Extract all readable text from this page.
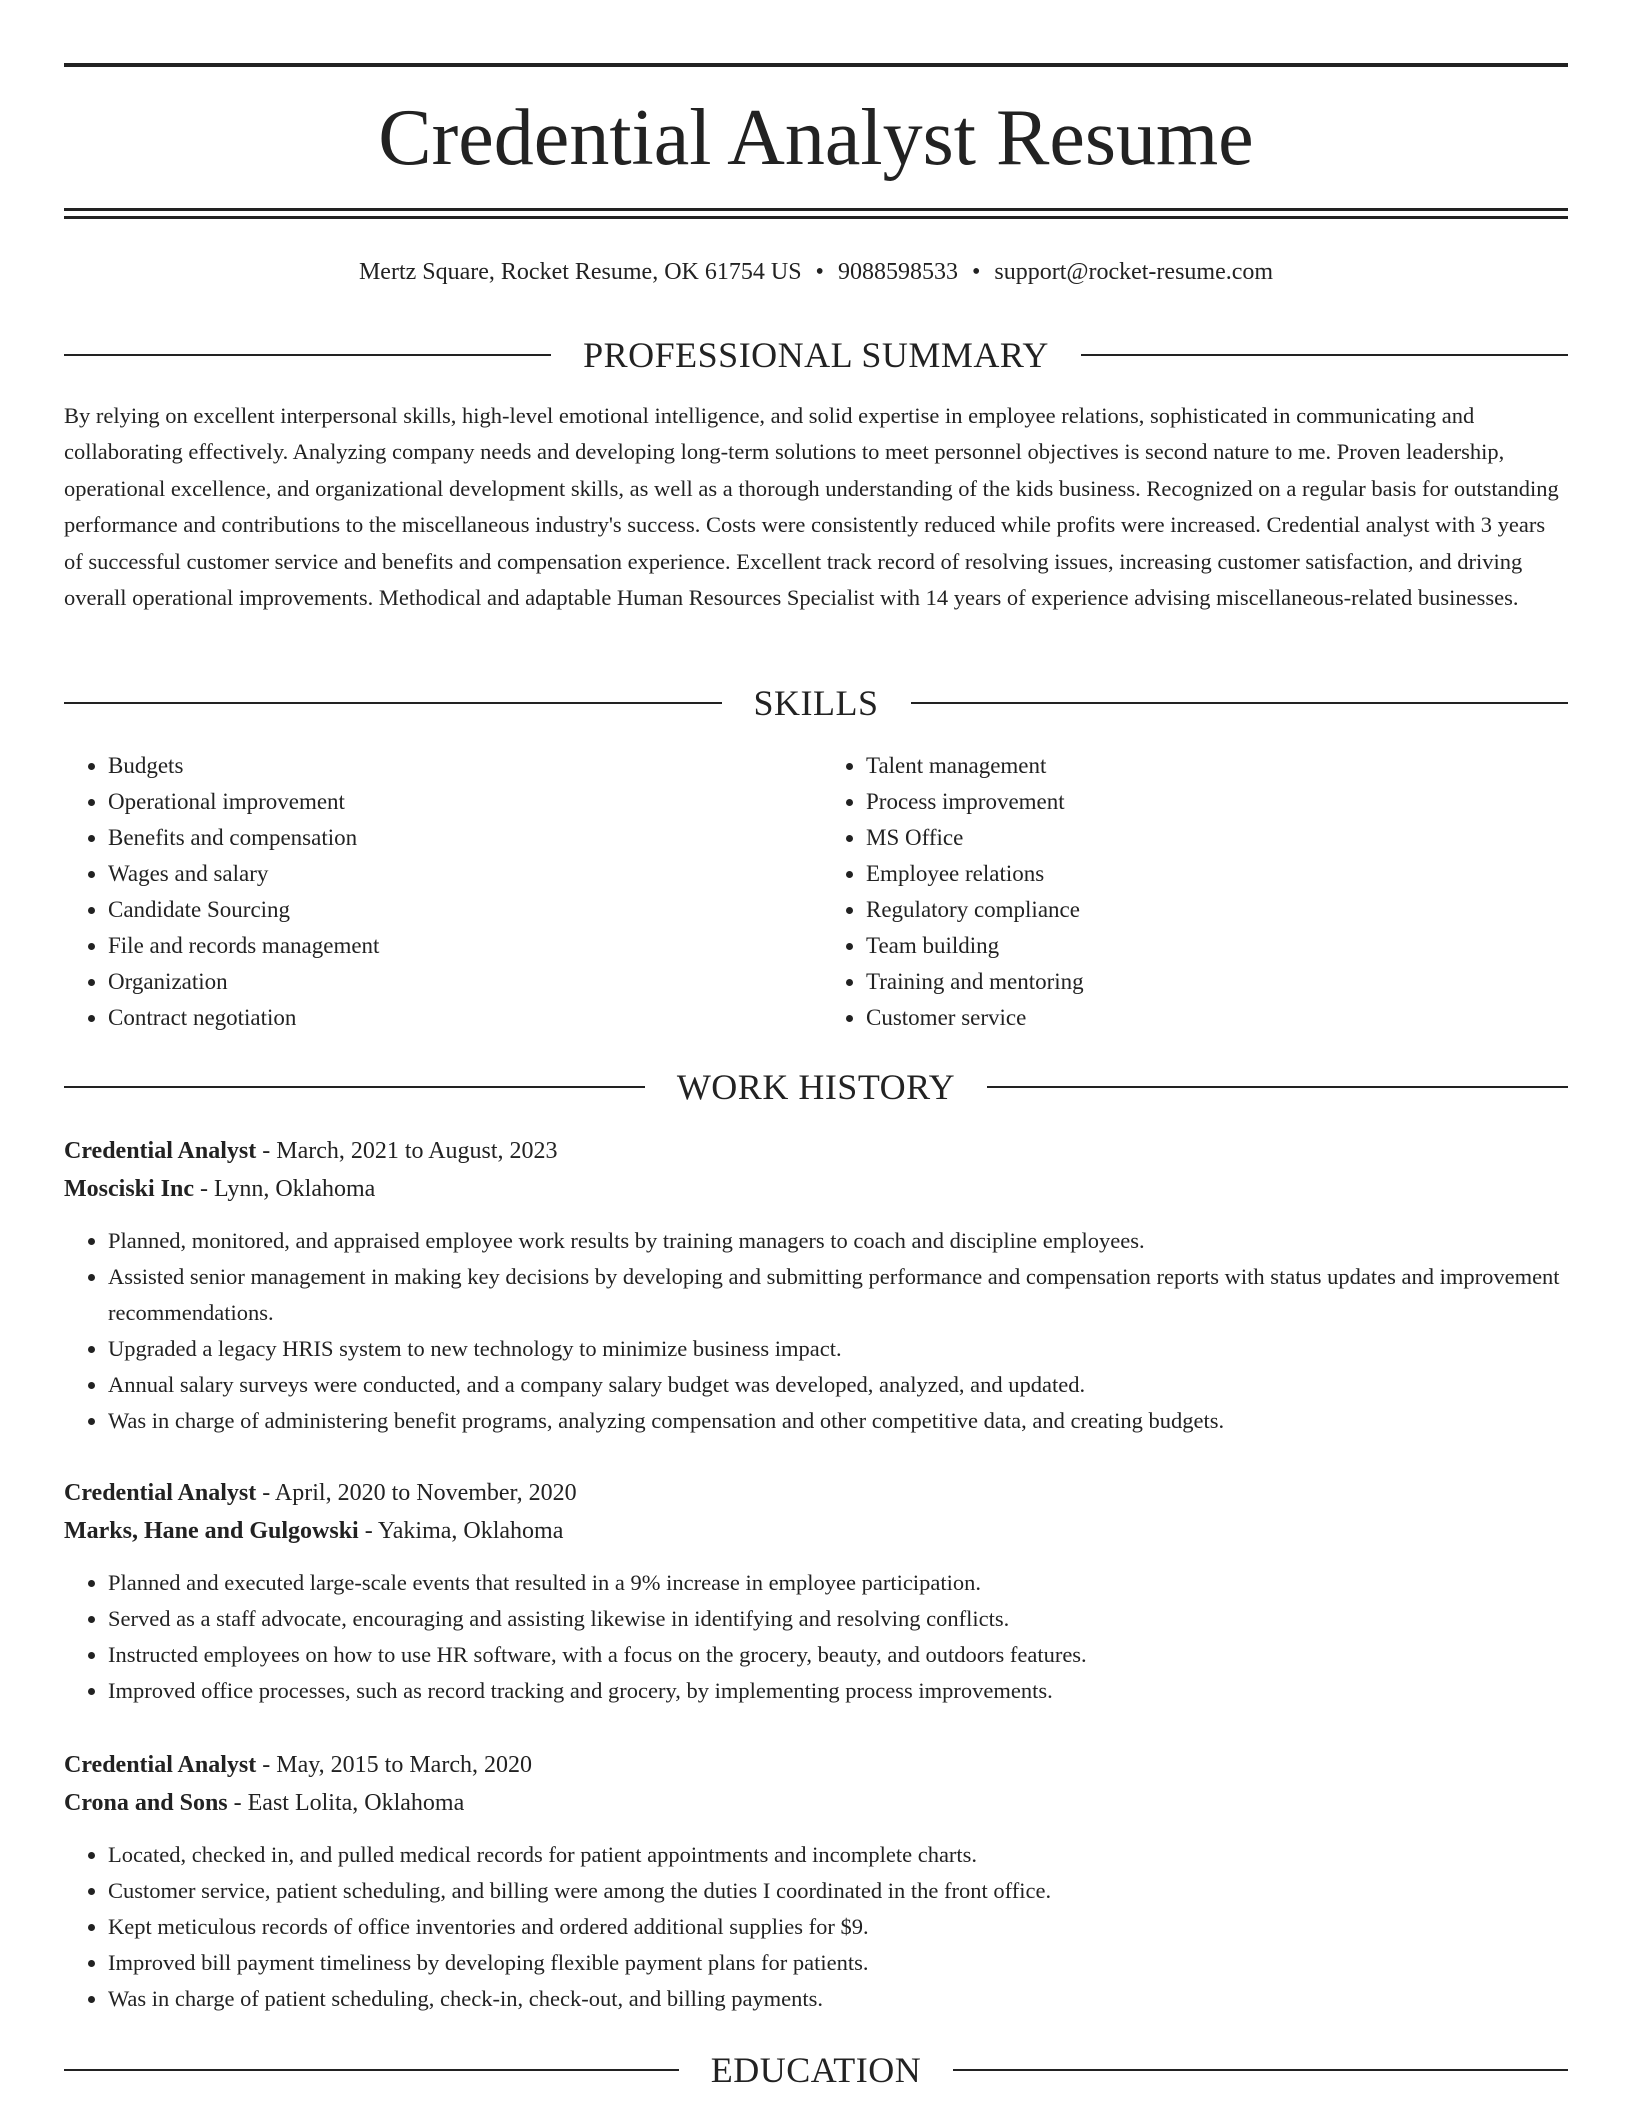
Credential Analyst Resume
Mertz Square, Rocket Resume, OK 61754 US • 9088598533 • support@rocket-resume.com
PROFESSIONAL SUMMARY

By relying on excellent interpersonal skills, high-level emotional intelligence, and solid expertise in employee relations, sophisticated in communicating and collaborating effectively. Analyzing company needs and developing long-term solutions to meet personnel objectives is second nature to me. Proven leadership, operational excellence, and organizational development skills, as well as a thorough understanding of the kids business. Recognized on a regular basis for outstanding performance and contributions to the miscellaneous industry's success. Costs were consistently reduced while profits were increased. Credential analyst with 3 years of successful customer service and benefits and compensation experience. Excellent track record of resolving issues, increasing customer satisfaction, and driving overall operational improvements. Methodical and adaptable Human Resources Specialist with 14 years of experience advising miscellaneous-related businesses.

SKILLS
• Budgets
• Operational improvement
• Benefits and compensation
• Wages and salary
• Candidate Sourcing
• File and records management
• Organization
• Contract negotiation
• Talent management
• Process improvement
• MS Office
• Employee relations
• Regulatory compliance
• Team building
• Training and mentoring
• Customer service
WORK HISTORY
Credential Analyst - March, 2021 to August, 2023
Mosciski Inc - Lynn, Oklahoma
• Planned, monitored, and appraised employee work results by training managers to coach and discipline employees.
• Assisted senior management in making key decisions by developing and submitting performance and compensation reports with status updates and improvement recommendations.
• Upgraded a legacy HRIS system to new technology to minimize business impact.
• Annual salary surveys were conducted, and a company salary budget was developed, analyzed, and updated.
• Was in charge of administering benefit programs, analyzing compensation and other competitive data, and creating budgets.
Credential Analyst - April, 2020 to November, 2020
Marks, Hane and Gulgowski - Yakima, Oklahoma
• Planned and executed large-scale events that resulted in a 9% increase in employee participation.
• Served as a staff advocate, encouraging and assisting likewise in identifying and resolving conflicts.
• Instructed employees on how to use HR software, with a focus on the grocery, beauty, and outdoors features.
• Improved office processes, such as record tracking and grocery, by implementing process improvements.
Credential Analyst - May, 2015 to March, 2020
Crona and Sons - East Lolita, Oklahoma
• Located, checked in, and pulled medical records for patient appointments and incomplete charts.
• Customer service, patient scheduling, and billing were among the duties I coordinated in the front office.
• Kept meticulous records of office inventories and ordered additional supplies for $9.
• Improved bill payment timeliness by developing flexible payment plans for patients.
• Was in charge of patient scheduling, check-in, check-out, and billing payments.
EDUCATION
